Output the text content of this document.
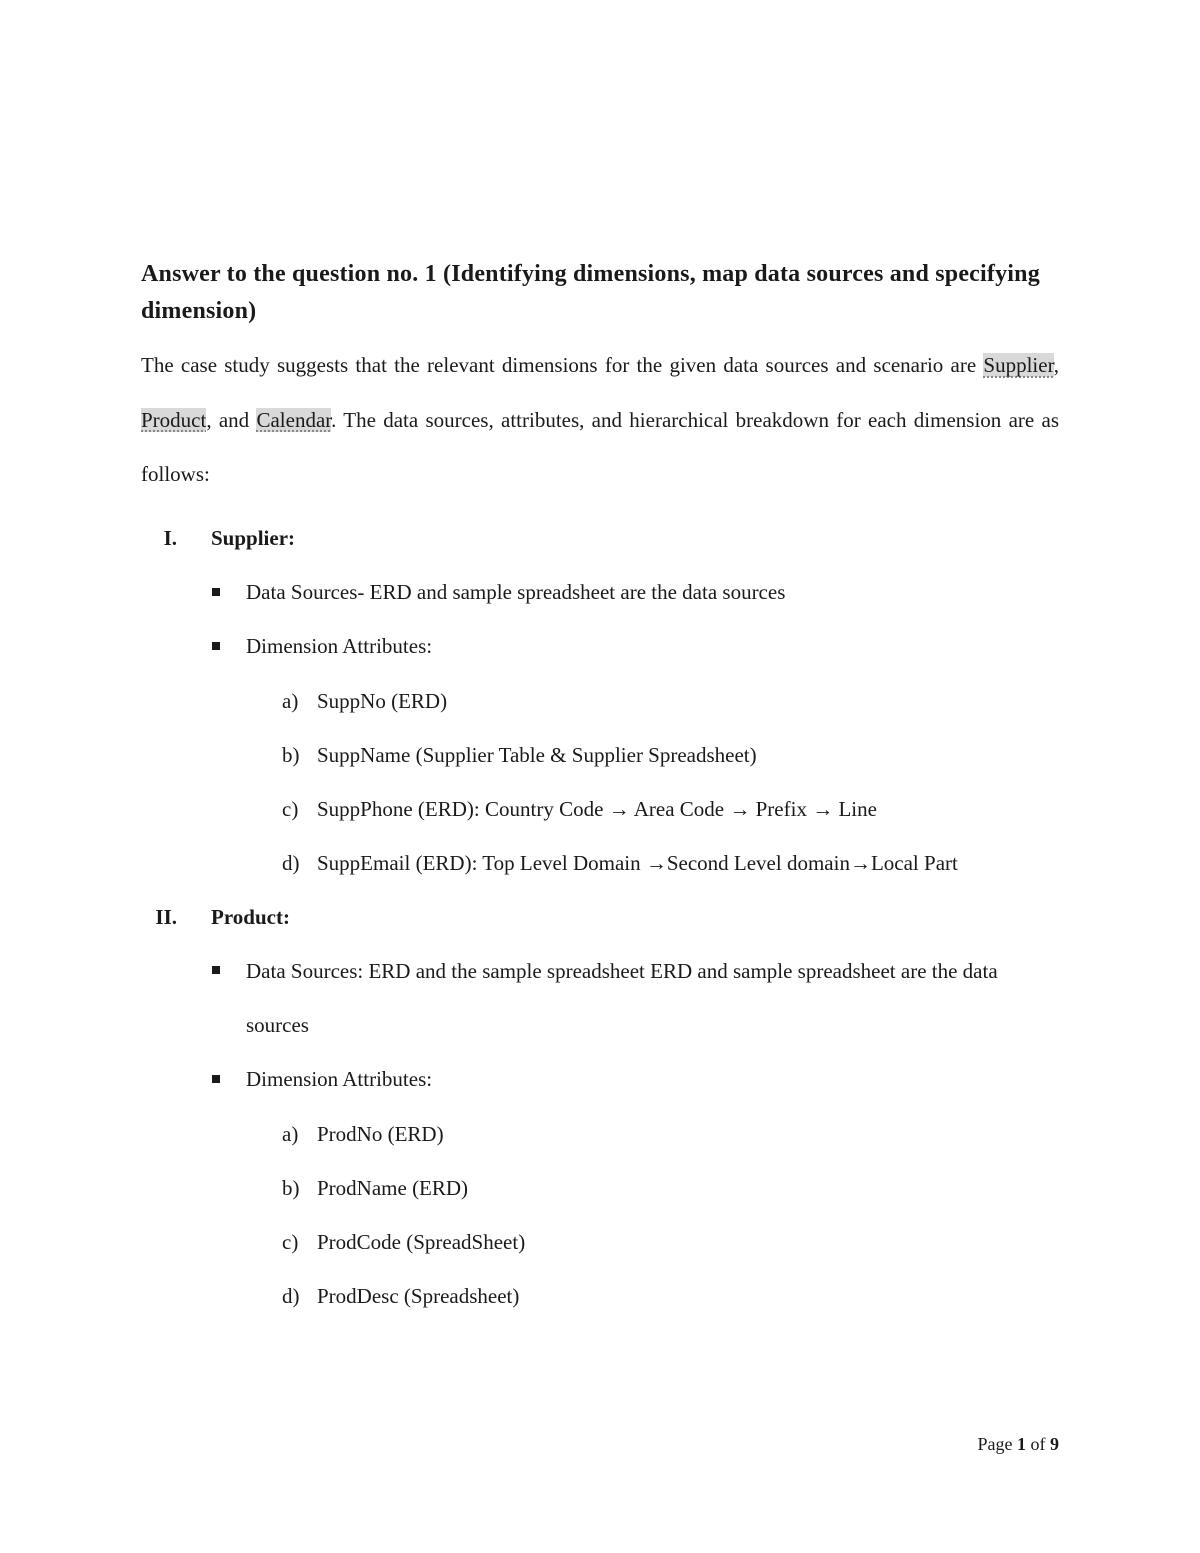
Answer to the question no. 1 (Identifying dimensions, map data sources and specifying dimension)
The case study suggests that the relevant dimensions for the given data sources and scenario are Supplier, Product, and Calendar. The data sources, attributes, and hierarchical breakdown for each dimension are as follows:
I. Supplier:
Data Sources- ERD and sample spreadsheet are the data sources
Dimension Attributes:
a) SuppNo (ERD)
b) SuppName (Supplier Table & Supplier Spreadsheet)
c) SuppPhone (ERD): Country Code → Area Code → Prefix → Line
d) SuppEmail (ERD): Top Level Domain →Second Level domain→Local Part
II. Product:
Data Sources: ERD and the sample spreadsheet ERD and sample spreadsheet are the data sources
Dimension Attributes:
a) ProdNo (ERD)
b) ProdName (ERD)
c) ProdCode (SpreadSheet)
d) ProdDesc (Spreadsheet)
Page 1 of 9
